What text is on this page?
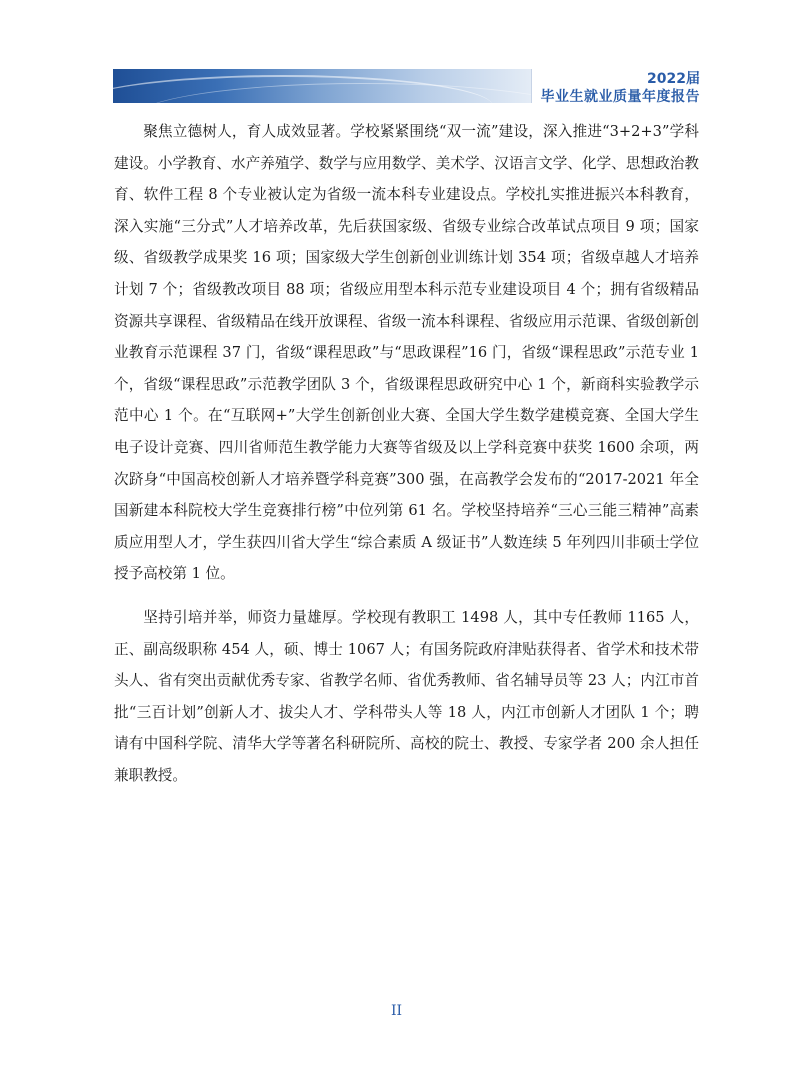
2022届
毕业生就业质量年度报告

聚焦立德树人，育人成效显著。学校紧紧围绕“双一流”建设，深入推进“3+2+3”学科建设。小学教育、水产养殖学、数学与应用数学、美术学、汉语言文学、化学、思想政治教育、软件工程 8 个专业被认定为省级一流本科专业建设点。学校扎实推进振兴本科教育，深入实施“三分式”人才培养改革，先后获国家级、省级专业综合改革试点项目 9 项；国家级、省级教学成果奖 16 项；国家级大学生创新创业训练计划 354 项；省级卓越人才培养计划 7 个；省级教改项目 88 项；省级应用型本科示范专业建设项目 4 个；拥有省级精品资源共享课程、省级精品在线开放课程、省级一流本科课程、省级应用示范课、省级创新创业教育示范课程 37 门，省级“课程思政”与“思政课程”16 门，省级“课程思政”示范专业 1 个，省级“课程思政”示范教学团队 3 个，省级课程思政研究中心 1 个，新商科实验教学示范中心 1 个。在“互联网+”大学生创新创业大赛、全国大学生数学建模竞赛、全国大学生电子设计竞赛、四川省师范生教学能力大赛等省级及以上学科竞赛中获奖 1600 余项，两次跻身“中国高校创新人才培养暨学科竞赛”300 强，在高教学会发布的“2017-2021 年全国新建本科院校大学生竞赛排行榜”中位列第 61 名。学校坚持培养“三心三能三精神”高素质应用型人才，学生获四川省大学生“综合素质 A 级证书”人数连续 5 年列四川非硕士学位授予高校第 1 位。

坚持引培并举，师资力量雄厚。学校现有教职工 1498 人，其中专任教师 1165 人，正、副高级职称 454 人，硕、博士 1067 人；有国务院政府津贴获得者、省学术和技术带头人、省有突出贡献优秀专家、省教学名师、省优秀教师、省名辅导员等 23 人；内江市首批“三百计划”创新人才、拔尖人才、学科带头人等 18 人，内江市创新人才团队 1 个；聘请有中国科学院、清华大学等著名科研院所、高校的院士、教授、专家学者 200 余人担任兼职教授。

II
